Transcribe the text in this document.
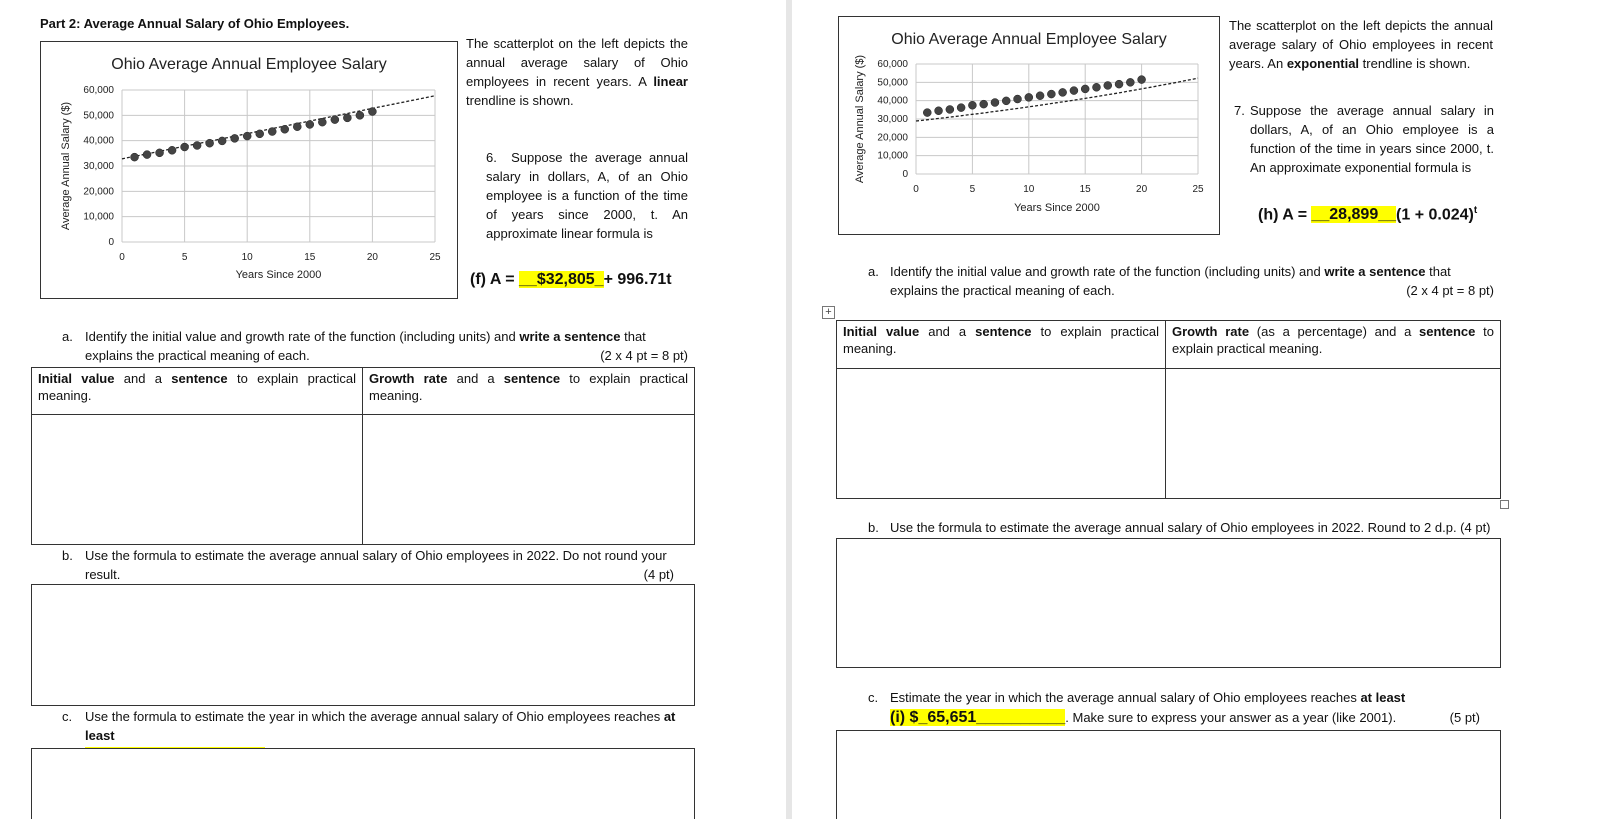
Part 2: Average Annual Salary of Ohio Employees.
Ohio Average Annual Employee Salary
0
10,000
20,000
30,000
40,000
50,000
60,000
0	5	10	15	20	25
Years Since 2000
Average Annual Salary ($)
The scatterplot on the left depicts the annual average salary of Ohio employees in recent years. A linear trendline is shown.
6. Suppose the average annual salary in dollars, A, of an Ohio employee is a function of the time of years since 2000, t. An approximate linear formula is
(f) A = __$32,805_+ 996.71t
a. Identify the initial value and growth rate of the function (including units) and write a sentence that
explains the practical meaning of each.	(2 x 4 pt = 8 pt)
Initial value and a sentence to explain practical meaning.	Growth rate and a sentence to explain practical meaning.

b. Use the formula to estimate the average annual salary of Ohio employees in 2022. Do not round your
result.	(4 pt)
c. Use the formula to estimate the year in which the average annual salary of Ohio employees reaches at least
Ohio Average Annual Employee Salary
0
10,000
20,000
30,000
40,000
50,000
60,000
0	5	10	15	20	25
Years Since 2000
Average Annual Salary ($)
The scatterplot on the left depicts the annual average salary of Ohio employees in recent years. An exponential trendline is shown.
7. Suppose the average annual salary in dollars, A, of an Ohio employee is a function of the time in years since 2000, t. An approximate exponential formula is
(h) A = __28,899__(1 + 0.024)$^t$
a. Identify the initial value and growth rate of the function (including units) and write a sentence that
explains the practical meaning of each.	(2 x 4 pt = 8 pt)
+
Initial value and a sentence to explain practical meaning.	Growth rate (as a percentage) and a sentence to explain practical meaning.

b. Use the formula to estimate the average annual salary of Ohio employees in 2022. Round to 2 d.p. (4 pt)
c. Estimate the year in which the average annual salary of Ohio employees reaches at least
(i) $_65,651__________. Make sure to express your answer as a year (like 2001).	(5 pt)
